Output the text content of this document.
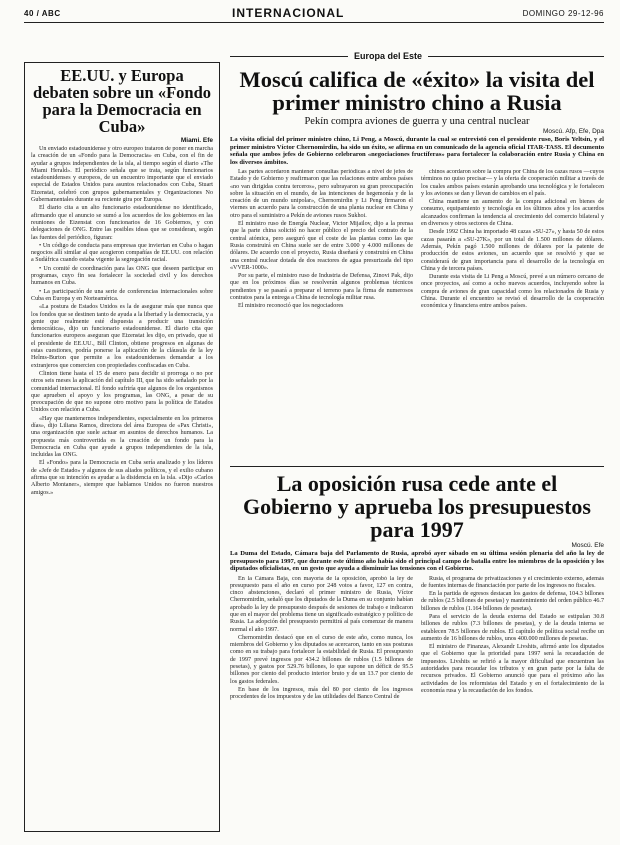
40 / ABC	INTERNACIONAL	DOMINGO 29-12-96
EE.UU. y Europa debaten sobre un «Fondo para la Democracia en Cuba»
Miami. Efe

Un enviado estadounidense y otro europeo trataron de poner en marcha la creación de un «Fondo para la Democracia» en Cuba, con el fin de ayudar a grupos independientes de la isla, al tiempo según el diario «The Miami Herald». El periódico señala que se trata, según funcionarios estadounidenses y europeos, de un encuentro importante que el enviado especial de Estados Unidos para asuntos relacionados con Cuba, Stuart Eizenstat, celebró con grupos gubernamentales y Organizaciones No Gubernamentales durante su reciente gira por Europa.

El diario cita a un alto funcionario estadounidense no identificado, afirmando que el anuncio se sumó a los acuerdos de los gobiernos en las reuniones de Eizenstat con funcionarios de 16 Gobiernos, y con delegaciones de ONG. Entre las posibles ideas que se consideran, según las fuentes del periódico, figuran:

• Un código de conducta para empresas que inviertan en Cuba o hagan negocios allí similar al que acogieron compañías de EE.UU. con relación a Sudáfrica cuando estaba vigente la segregación racial.

• Un comité de coordinación para las ONG que deseen participar en programas, cuyo fin sea fortalecer la sociedad civil y los derechos humanos en Cuba.

• La participación de una serie de conferencias internacionales sobre Cuba en Europa y en Norteamérica.

«La postura de Estados Unidos es la de asegurar más que nunca que los fondos que se destinen tanto de ayuda a la libertad y la democracia, y a gente que realmente esté dispuesta a producir una transición democrática», dijo un funcionario estadounidense. El diario cita que funcionarios europeos aseguran que Eizenstat les dijo, en privado, que si el presidente de EE.UU., Bill Clinton, obtiene progresos en algunas de estas cuestiones, podría ponerse la aplicación de la cláusula de la ley Helms-Burton que permite a los estadounidenses demandar a los extranjeros que comercien con propiedades confiscadas en Cuba.

Clinton tiene hasta el 15 de enero para decidir si prorroga o no por otros seis meses la aplicación del capítulo III, que ha sido señalado por la comunidad internacional. El fondo sufriría que algunos de los organismos que aprueben el apoyo y los programas, las ONG, a pesar de su preocupación de que no supone otro motivo para la política de Estados Unidos con relación a Cuba.

«Hay que mantenernos independientes, especialmente en los primeros días», dijo Liliana Ramos, directora del área Europea de «Pax Christi», una organización que suele actuar en asuntos de derechos humanos. La propuesta más controvertida es la creación de un fondo para la Democracia en Cuba que ayude a grupos independientes de la isla, incluidas las ONG.

El «Fondo» para la Democracia en Cuba sería analizado y los líderes de «Jefe de Estado» y algunos de sus aliados políticos, y el exilio cubano afirma que su intención es ayudar a la disidencia en la isla. «Dijo «Carlos Alberto Montaner», siempre que hablamos Unidos no fueron nuestros amigos.»

Europa del Este
Moscú califica de «éxito» la visita del primer ministro chino a Rusia
Pekín compra aviones de guerra y una central nuclear
Moscú. Afp, Efe, Dpa
La visita oficial del primer ministro chino, Li Peng, a Moscú, durante la cual se entrevistó con el presidente ruso, Boris Yeltsin, y el primer ministro Víctor Chernomirdin, ha sido un éxito, se afirma en un comunicado de la agencia oficial ITAR-TASS. El documento señala que ambos jefes de Gobierno celebraron «negociaciones fructíferas» para fortalecer la colaboración entre Rusia y China en los diversos ámbitos.

Las partes acordaron mantener consultas periódicas a nivel de jefes de Estado y de Gobierno y reafirmaron que las relaciones entre ambos países «no van dirigidas contra terceros», pero subrayaron su gran preocupación sobre la situación en el mundo, de las intenciones de hegemonía y de la creación de un mundo unipolar», Chernomirdin y Li Peng firmaron el viernes un acuerdo para la construcción de una planta nuclear en China y otro para el suministro a Pekín de aviones rusos Sukhoi.

El ministro ruso de Energía Nuclear, Victor Mijailov, dijo a la prensa que la parte china solicitó no hacer público el precio del contrato de la central atómica, pero aseguró que el coste de las plantas como las que Rusia construirá en China suele ser de entre 3.000 y 4.000 millones de dólares. De acuerdo con el proyecto, Rusia diseñará y construirá en China una central nuclear dotada de dos reactores de agua presurizada del tipo «VVER-1000».

Por su parte, el ministro ruso de Industria de Defensa, Zinovi Pak, dijo que en los próximos días se resolverán algunos problemas técnicos pendientes y se pasará a preparar el terreno para la firma de numerosos contratos para la entrega a China de tecnología militar rusa.

El ministro reconoció que los negociadores

chinos acordaron sobre la compra por China de los cazas rusos —cuyos términos no quiso precisar— y la oferta de cooperación militar a través de los cuales ambos países estarán aprobando una tecnológica y le fortalecen y los aviones se dan y llevan de cambios en el país.

China mantiene un aumento de la compra adicional en bienes de consumo, equipamiento y tecnología en los últimos años y los acuerdos alcanzados confirman la tendencia al crecimiento del comercio bilateral y en diversos y otros sectores de China.

Desde 1992 China ha importado 48 cazas «SU-27», y hasta 50 de estos cazas pasarán a «SU-27K», por un total de 1.500 millones de dólares. Además, Pekín pagó 1.500 millones de dólares por la patente de producción de estos aviones, un acuerdo que se resolvió y que se considerará de gran importancia para el desarrollo de la tecnología en China y de tercera países.

Durante esta visita de Li Peng a Moscú, prevé a un número cercano de once proyectos, así como a ocho nuevos acuerdos, incluyendo sobre la compra de aviones de gran capacidad como los relacionados de Rusia y China. Durante el encuentro se revisó el desarrollo de la cooperación económica y financiera entre ambos países.

La oposición rusa cede ante el Gobierno y aprueba los presupuestos para 1997
Moscú. Efe
La Duma del Estado, Cámara baja del Parlamento de Rusia, aprobó ayer sábado en su última sesión plenaria del año la ley de presupuesto para 1997, que durante este último año había sido el principal campo de batalla entre los miembros de la oposición y los diputados oficialistas, en un gesto que ayuda a disminuir las tensiones con el Gobierno.

En la Cámara Baja, con mayoría de la oposición, aprobó la ley de presupuesto para el año en curso por 248 votos a favor, 127 en contra, cinco abstenciones, declaró el primer ministro de Rusia, Víctor Chernomirdin, señaló que los diputados de la Duma en su conjunto habían aprobado la ley de presupuesto después de sesiones de trabajo e indicaron que en el mayor del problema tiene un significado estratégico y político de Rusia. La adopción del presupuesto permitirá al país comenzar de manera normal el año 1997.

Chernomirdin destacó que en el curso de este año, como nunca, los miembros del Gobierno y los diputados se acercaron, tanto en sus posturas como en su trabajo para fortalecer la estabilidad de Rusia. El presupuesto de 1997 prevé ingresos por 434.2 billones de rublos (1.5 billones de pesetas), y gastos por 529.76 billones, lo que supone un déficit de 95.5 billones por ciento del producto interior bruto y de un 13.7 por ciento de los gastos federales.

En base de los ingresos, más del 80 por ciento de los ingresos procedentes de los impuestos y de las utilidades del Banco Central de

Rusia, el programa de privatizaciones y el crecimiento externo, además de fuentes internas de financiación por parte de los ingresos no fiscales.

En la partida de egresos destacan los gastos de defensa, 104.3 billones de rublos (2.5 billones de pesetas) y mantenimiento del orden público 46.7 billones de rublos (1.164 billones de pesetas).

Para el servicio de la deuda externa del Estado se estipulan 30.8 billones de rublos (7.3 billones de pesetas), y de la deuda interna se establecen 78.5 billones de rublos. El capítulo de política social recibe un aumento de 16 billones de rublos, unos 400.000 millones de pesetas.

El ministro de Finanzas, Alexandr Livshits, afirmó ante los diputados que el Gobierno que la prioridad para 1997 será la recaudación de impuestos. Livshits se refirió a la mayor dificultad que encuentran las autoridades para recaudar los tributos y en gran parte por la falta de recursos privados. El Gobierno anunció que para el próximo año las actividades de los reformistas del Estado y en el fortalecimiento de la economía rusa y la recaudación de los fondos.
